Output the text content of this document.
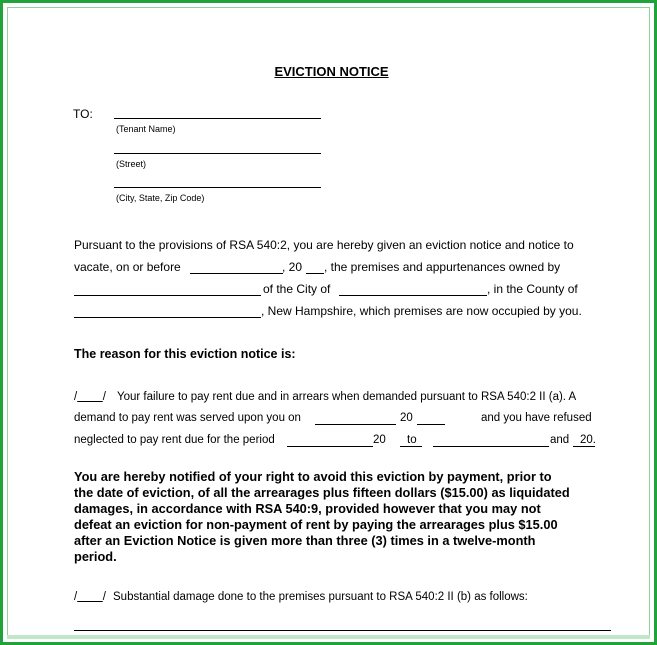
EVICTION NOTICE
TO:
(Tenant Name)
(Street)
(City, State, Zip Code)
Pursuant to the provisions of RSA 540:2, you are hereby given an eviction notice and notice to
vacate, on or before	, 20 , the premises and appurtenances owned by
of the City of	, in the County of
, New Hampshire, which premises are now occupied by you.
The reason for this eviction notice is:
/ / Your failure to pay rent due and in arrears when demanded pursuant to RSA 540:2 II (a). A
demand to pay rent was served upon you on	20	and you have refused
neglected to pay rent due for the period	20 to	and 20.
You are hereby notified of your right to avoid this eviction by payment, prior to
the date of eviction, of all the arrearages plus fifteen dollars ($15.00) as liquidated
damages, in accordance with RSA 540:9, provided however that you may not
defeat an eviction for non-payment of rent by paying the arrearages plus $15.00
after an Eviction Notice is given more than three (3) times in a twelve-month
period.
/ / Substantial damage done to the premises pursuant to RSA 540:2 II (b) as follows:
